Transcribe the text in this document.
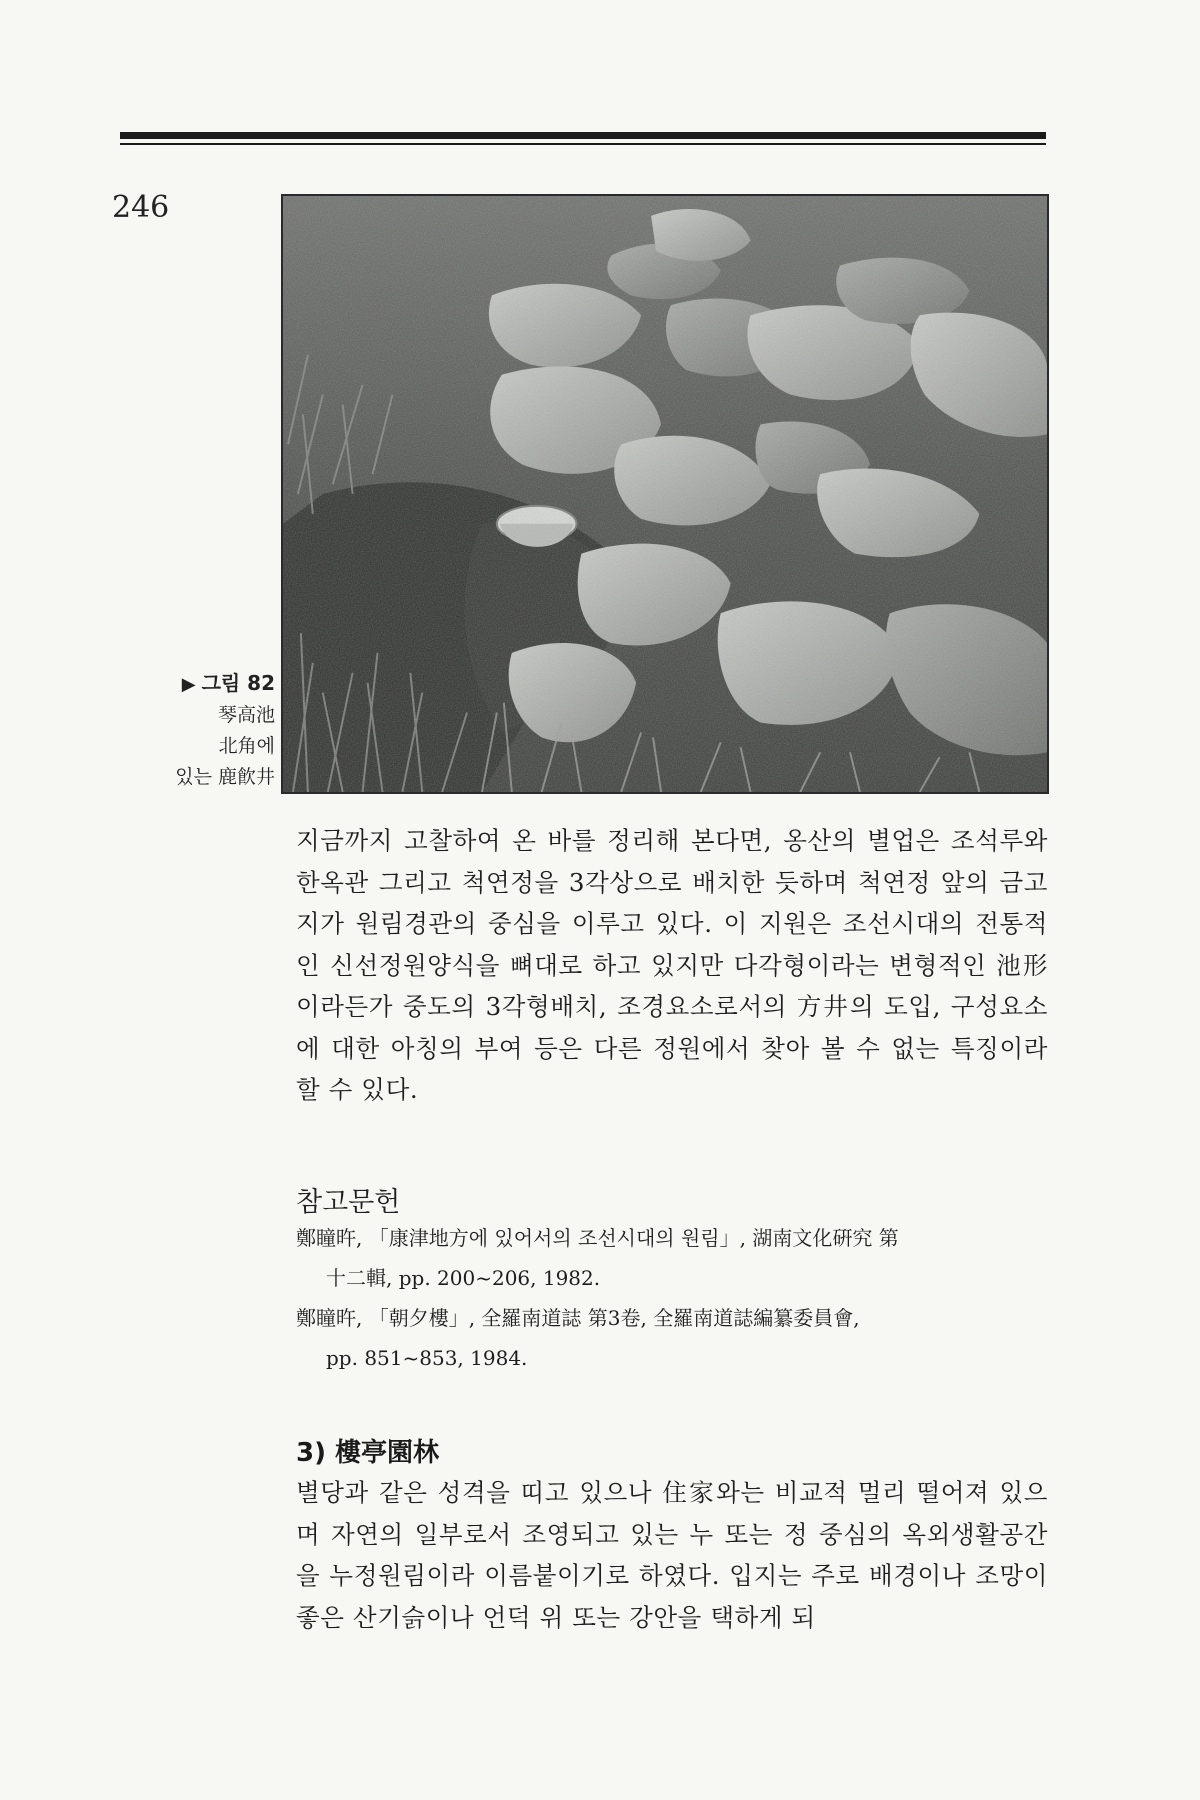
246
▶ 그림 82
琴高池
北角에
있는 鹿飮井

지금까지 고찰하여 온 바를 정리해 본다면, 옹산의 별업은 조석루와 한옥관 그리고 척연정을 3각상으로 배치한 듯하며 척연정 앞의 금고지가 원림경관의 중심을 이루고 있다. 이 지원은 조선시대의 전통적인 신선정원양식을 뼈대로 하고 있지만 다각형이라는 변형적인 池形이라든가 중도의 3각형배치, 조경요소로서의 方井의 도입, 구성요소에 대한 아칭의 부여 등은 다른 정원에서 찾아 볼 수 없는 특징이라 할 수 있다.

참고문헌
鄭瞳旿, 「康津地方에 있어서의 조선시대의 원림」, 湖南文化硏究 第
十二輯, pp. 200~206, 1982.
鄭瞳旿, 「朝夕樓」, 全羅南道誌 第3卷, 全羅南道誌編纂委員會,
pp. 851~853, 1984.
3) 樓亭園林

별당과 같은 성격을 띠고 있으나 住家와는 비교적 멀리 떨어져 있으며 자연의 일부로서 조영되고 있는 누 또는 정 중심의 옥외생활공간을 누정원림이라 이름붙이기로 하였다. 입지는 주로 배경이나 조망이 좋은 산기슭이나 언덕 위 또는 강안을 택하게 되
